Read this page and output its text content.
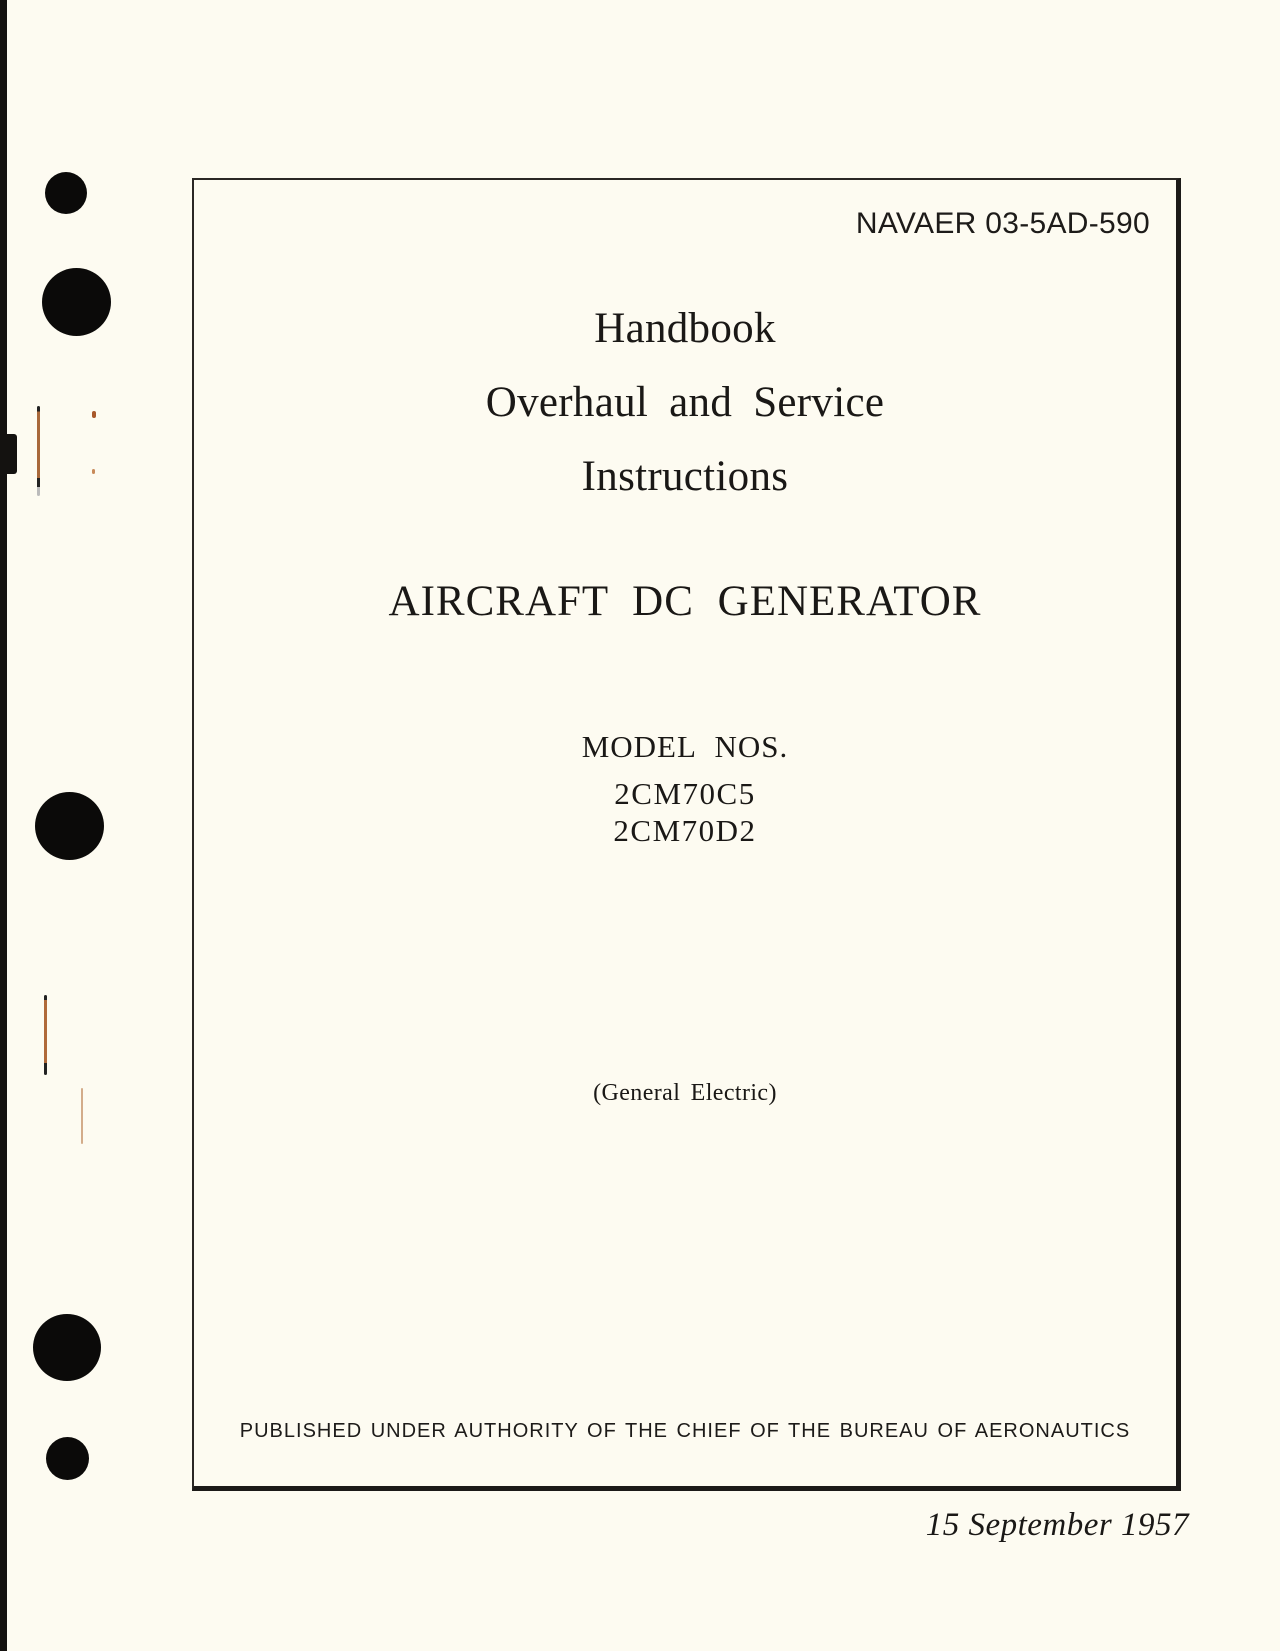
NAVAER 03-5AD-590
Handbook
Overhaul and Service
Instructions
AIRCRAFT DC GENERATOR
MODEL NOS.
2CM70C5
2CM70D2
(General Electric)
PUBLISHED UNDER AUTHORITY OF THE CHIEF OF THE BUREAU OF AERONAUTICS
15 September 1957
